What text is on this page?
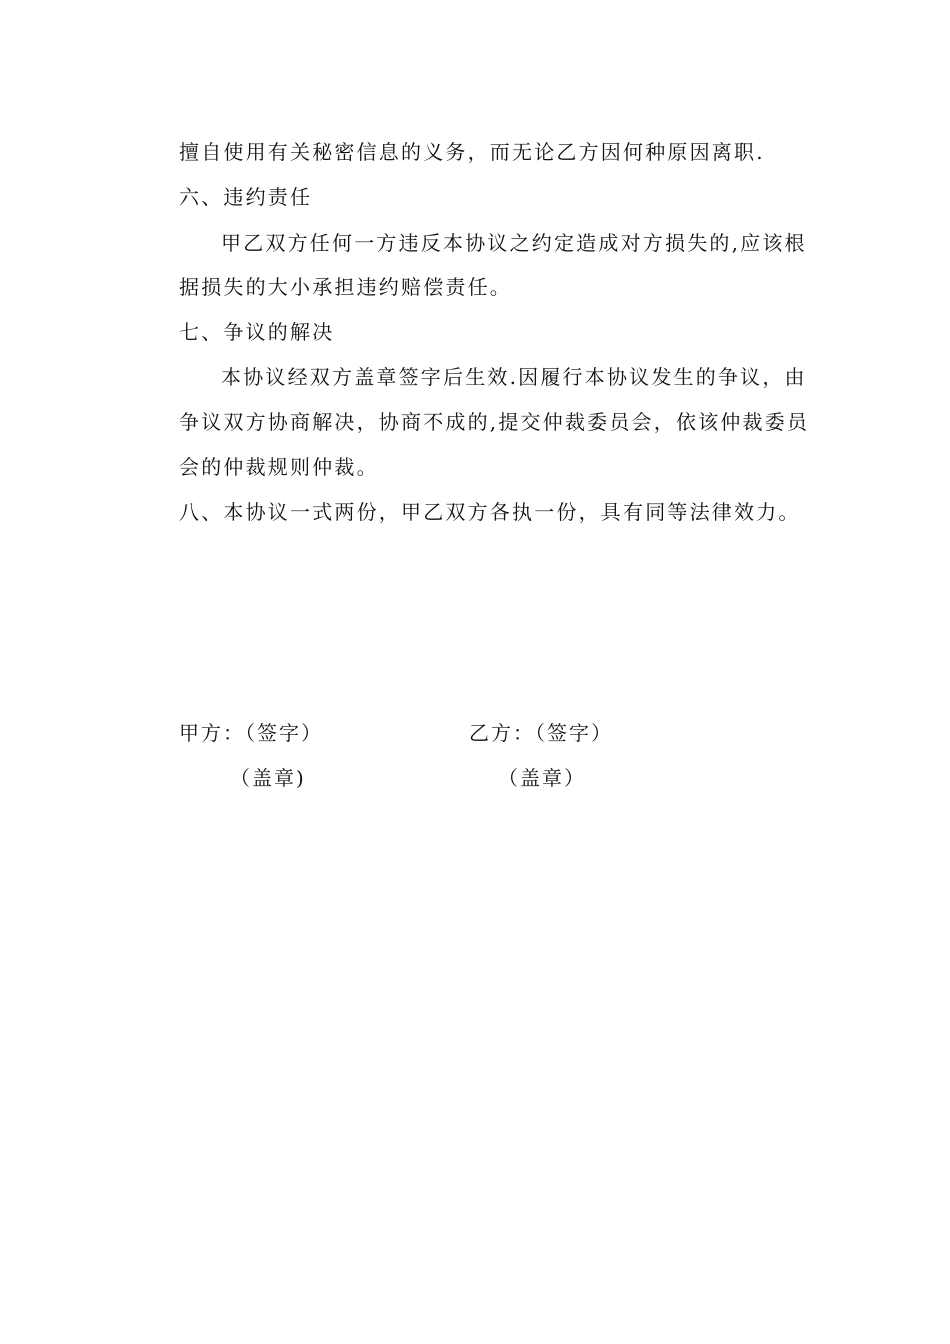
擅自使用有关秘密信息的义务，而无论乙方因何种原因离职.
六、违约责任
甲乙双方任何一方违反本协议之约定造成对方损失的,应该根
据损失的大小承担违约赔偿责任。
七、争议的解决
本协议经双方盖章签字后生效.因履行本协议发生的争议，由
争议双方协商解决，协商不成的,提交仲裁委员会，依该仲裁委员
会的仲裁规则仲裁。
八、本协议一式两份，甲乙双方各执一份，具有同等法律效力。
甲方：（签字）	乙方：（签字）
（盖章)	（盖章）
